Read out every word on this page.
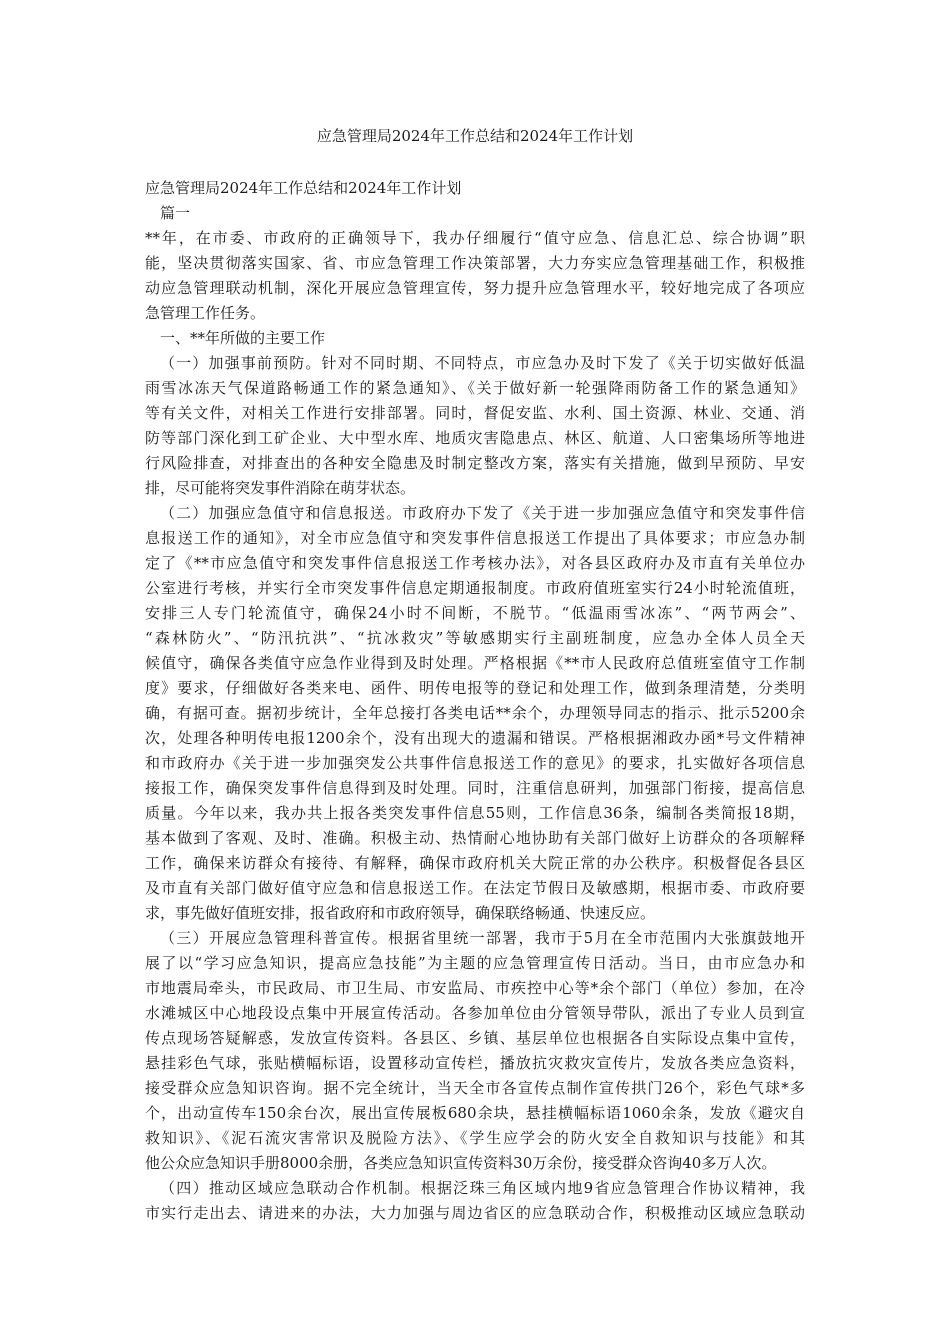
应急管理局2024年工作总结和2024年工作计划
应急管理局2024年工作总结和2024年工作计划
篇一
**年，在市委、市政府的正确领导下，我办仔细履行“值守应急、信息汇总、综合协调”职
能，坚决贯彻落实国家、省、市应急管理工作决策部署，大力夯实应急管理基础工作，积极推
动应急管理联动机制，深化开展应急管理宣传，努力提升应急管理水平，较好地完成了各项应
急管理工作任务。
一、**年所做的主要工作
（一）加强事前预防。针对不同时期、不同特点，市应急办及时下发了《关于切实做好低温
雨雪冰冻天气保道路畅通工作的紧急通知》、《关于做好新一轮强降雨防备工作的紧急通知》
等有关文件，对相关工作进行安排部署。同时，督促安监、水利、国土资源、林业、交通、消
防等部门深化到工矿企业、大中型水库、地质灾害隐患点、林区、航道、人口密集场所等地进
行风险排查，对排查出的各种安全隐患及时制定整改方案，落实有关措施，做到早预防、早安
排，尽可能将突发事件消除在萌芽状态。
（二）加强应急值守和信息报送。市政府办下发了《关于进一步加强应急值守和突发事件信
息报送工作的通知》，对全市应急值守和突发事件信息报送工作提出了具体要求；市应急办制
定了《**市应急值守和突发事件信息报送工作考核办法》，对各县区政府办及市直有关单位办
公室进行考核，并实行全市突发事件信息定期通报制度。市政府值班室实行24小时轮流值班，
安排三人专门轮流值守，确保24小时不间断，不脱节。“低温雨雪冰冻”、“两节两会”、
“森林防火”、“防汛抗洪”、“抗冰救灾”等敏感期实行主副班制度，应急办全体人员全天
候值守，确保各类值守应急作业得到及时处理。严格根据《**市人民政府总值班室值守工作制
度》要求，仔细做好各类来电、函件、明传电报等的登记和处理工作，做到条理清楚，分类明
确，有据可查。据初步统计，全年总接打各类电话**余个，办理领导同志的指示、批示5200余
次，处理各种明传电报1200余个，没有出现大的遗漏和错误。严格根据湘政办函*号文件精神
和市政府办《关于进一步加强突发公共事件信息报送工作的意见》的要求，扎实做好各项信息
接报工作，确保突发事件信息得到及时处理。同时，注重信息研判，加强部门衔接，提高信息
质量。今年以来，我办共上报各类突发事件信息55则，工作信息36条，编制各类简报18期，
基本做到了客观、及时、准确。积极主动、热情耐心地协助有关部门做好上访群众的各项解释
工作，确保来访群众有接待、有解释，确保市政府机关大院正常的办公秩序。积极督促各县区
及市直有关部门做好值守应急和信息报送工作。在法定节假日及敏感期，根据市委、市政府要
求，事先做好值班安排，报省政府和市政府领导，确保联络畅通、快速反应。
（三）开展应急管理科普宣传。根据省里统一部署，我市于5月在全市范围内大张旗鼓地开
展了以“学习应急知识，提高应急技能”为主题的应急管理宣传日活动。当日，由市应急办和
市地震局牵头，市民政局、市卫生局、市安监局、市疾控中心等*余个部门（单位）参加，在冷
水滩城区中心地段设点集中开展宣传活动。各参加单位由分管领导带队，派出了专业人员到宣
传点现场答疑解惑，发放宣传资料。各县区、乡镇、基层单位也根据各自实际设点集中宣传，
悬挂彩色气球，张贴横幅标语，设置移动宣传栏，播放抗灾救灾宣传片，发放各类应急资料，
接受群众应急知识咨询。据不完全统计，当天全市各宣传点制作宣传拱门26个，彩色气球*多
个，出动宣传车150余台次，展出宣传展板680余块，悬挂横幅标语1060余条，发放《避灾自
救知识》、《泥石流灾害常识及脱险方法》、《学生应学会的防火安全自救知识与技能》和其
他公众应急知识手册8000余册，各类应急知识宣传资料30万余份，接受群众咨询40多万人次。
（四）推动区域应急联动合作机制。根据泛珠三角区域内地9省应急管理合作协议精神，我
市实行走出去、请进来的办法，大力加强与周边省区的应急联动合作，积极推动区域应急联动
